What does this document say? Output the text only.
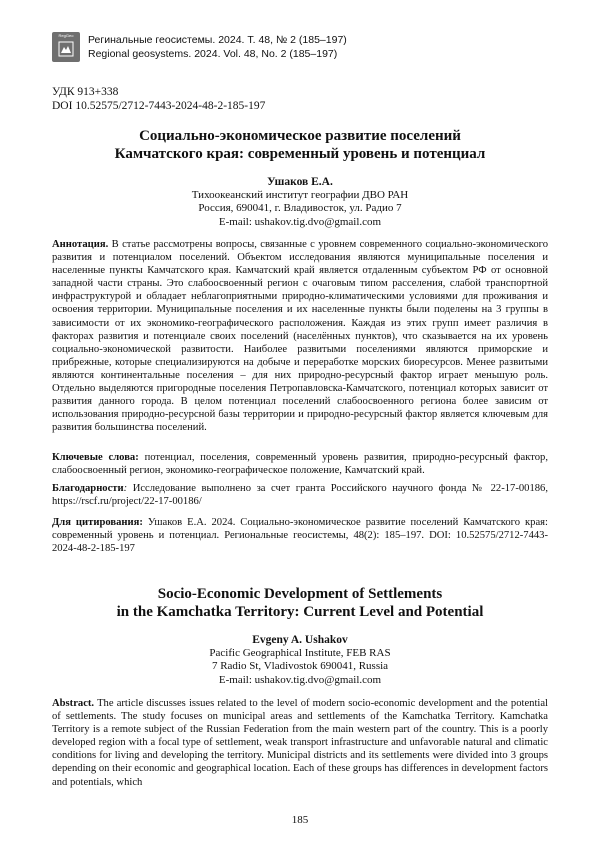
RegGeo	Регинальные геосистемы. 2024. Т. 48, № 2 (185–197)
Regional geosystems. 2024. Vol. 48, No. 2 (185–197)
УДК 913+338
DOI 10.52575/2712-7443-2024-48-2-185-197
Социально-экономическое развитие поселений
Камчатского края: современный уровень и потенциал
Ушаков Е.А.
Тихоокеанский институт географии ДВО РАН
Россия, 690041, г. Владивосток, ул. Радио 7
E-mail: ushakov.tig.dvo@gmail.com
Аннотация. В статье рассмотрены вопросы, связанные с уровнем современного социально-экономического развития и потенциалом поселений. Объектом исследования являются муниципальные поселения и населенные пункты Камчатского края. Камчатский край является отдаленным субъектом РФ от основной западной части страны. Это слабоосвоенный регион с очаговым типом расселения, слабой транспортной инфраструктурой и обладает неблагоприятными природно-климатическими условиями для проживания и освоения территории. Муниципальные поселения и их населенные пункты были поделены на 3 группы в зависимости от их экономико-географического расположения. Каждая из этих групп имеет различия в факторах развития и потенциале своих поселений (населённых пунктов), что сказывается на их уровень социально-экономической развитости. Наиболее развитыми поселениями являются приморские и прибрежные, которые специализируются на добыче и переработке морских биоресурсов. Менее развитыми являются континентальные поселения – для них природно-ресурсный фактор играет меньшую роль. Отдельно выделяются пригородные поселения Петропавловска-Камчатского, потенциал которых зависит от развития данного города. В целом потенциал поселений слабоосвоенного региона более зависим от использования природно-ресурсной базы территории и природно-ресурсный фактор является ключевым для развития большинства поселений.
Ключевые слова: потенциал, поселения, современный уровень развития, природно-ресурсный фактор, слабоосвоенный регион, экономико-географическое положение, Камчатский край.
Благодарности: Исследование выполнено за счет гранта Российского научного фонда № 22-17-00186, https://rscf.ru/project/22-17-00186/
Для цитирования: Ушаков Е.А. 2024. Социально-экономическое развитие поселений Камчатского края: современный уровень и потенциал. Региональные геосистемы, 48(2): 185–197. DOI: 10.52575/2712-7443-2024-48-2-185-197
Socio-Economic Development of Settlements
in the Kamchatka Territory: Current Level and Potential
Evgeny A. Ushakov
Pacific Geographical Institute, FEB RAS
7 Radio St, Vladivostok 690041, Russia
E-mail: ushakov.tig.dvo@gmail.com
Abstract. The article discusses issues related to the level of modern socio-economic development and the potential of settlements. The study focuses on municipal areas and settlements of the Kamchatka Territory. Kamchatka Territory is a remote subject of the Russian Federation from the main western part of the country. This is a poorly developed region with a focal type of settlement, weak transport infrastructure and unfavorable natural and climatic conditions for living and developing the territory. Municipal districts and its settlements were divided into 3 groups depending on their economic and geographical location. Each of these groups has differences in development factors and potentials, which
185
